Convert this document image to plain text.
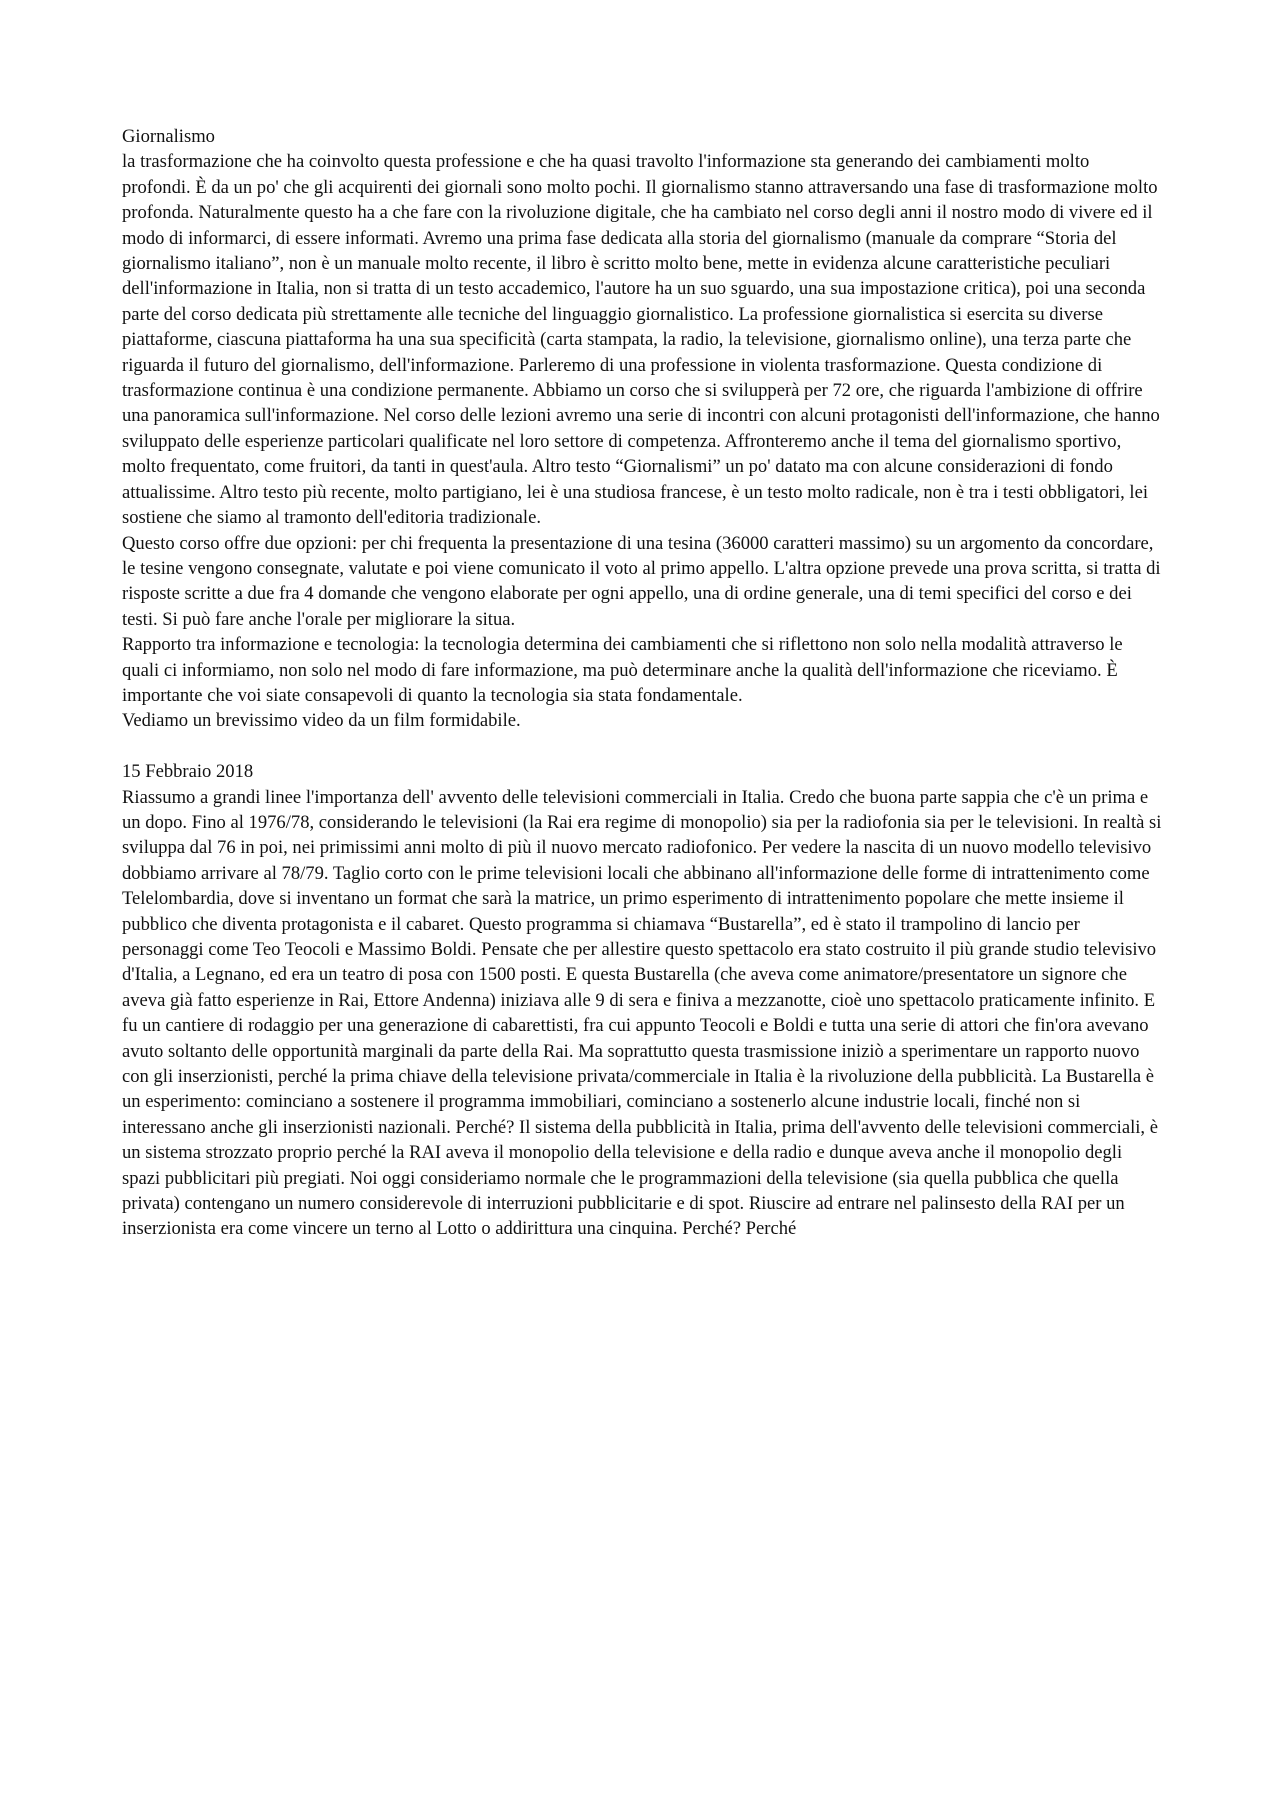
Giornalismo

la trasformazione che ha coinvolto questa professione e che ha quasi travolto l'informazione sta generando dei cambiamenti molto profondi. È da un po' che gli acquirenti dei giornali sono molto pochi. Il giornalismo stanno attraversando una fase di trasformazione molto profonda. Naturalmente questo ha a che fare con la rivoluzione digitale, che ha cambiato nel corso degli anni il nostro modo di vivere ed il modo di informarci, di essere informati. Avremo una prima fase dedicata alla storia del giornalismo (manuale da comprare “Storia del giornalismo italiano”, non è un manuale molto recente, il libro è scritto molto bene, mette in evidenza alcune caratteristiche peculiari dell'informazione in Italia, non si tratta di un testo accademico, l'autore ha un suo sguardo, una sua impostazione critica), poi una seconda parte del corso dedicata più strettamente alle tecniche del linguaggio giornalistico. La professione giornalistica si esercita su diverse piattaforme, ciascuna piattaforma ha una sua specificità (carta stampata, la radio, la televisione, giornalismo online), una terza parte che riguarda il futuro del giornalismo, dell'informazione. Parleremo di una professione in violenta trasformazione. Questa condizione di trasformazione continua è una condizione permanente. Abbiamo un corso che si svilupperà per 72 ore, che riguarda l'ambizione di offrire una panoramica sull'informazione. Nel corso delle lezioni avremo una serie di incontri con alcuni protagonisti dell'informazione, che hanno sviluppato delle esperienze particolari qualificate nel loro settore di competenza. Affronteremo anche il tema del giornalismo sportivo, molto frequentato, come fruitori, da tanti in quest'aula. Altro testo “Giornalismi” un po' datato ma con alcune considerazioni di fondo attualissime. Altro testo più recente, molto partigiano, lei è una studiosa francese, è un testo molto radicale, non è tra i testi obbligatori, lei sostiene che siamo al tramonto dell'editoria tradizionale.

Questo corso offre due opzioni: per chi frequenta la presentazione di una tesina (36000 caratteri massimo) su un argomento da concordare, le tesine vengono consegnate, valutate e poi viene comunicato il voto al primo appello. L'altra opzione prevede una prova scritta, si tratta di risposte scritte a due fra 4 domande che vengono elaborate per ogni appello, una di ordine generale, una di temi specifici del corso e dei testi. Si può fare anche l'orale per migliorare la situa.

Rapporto tra informazione e tecnologia: la tecnologia determina dei cambiamenti che si riflettono non solo nella modalità attraverso le quali ci informiamo, non solo nel modo di fare informazione, ma può determinare anche la qualità dell'informazione che riceviamo. È importante che voi siate consapevoli di quanto la tecnologia sia stata fondamentale.

Vediamo un brevissimo video da un film formidabile.

15 Febbraio 2018

Riassumo a grandi linee l'importanza dell' avvento delle televisioni commerciali in Italia. Credo che buona parte sappia che c'è un prima e un dopo. Fino al 1976/78, considerando le televisioni (la Rai era regime di monopolio) sia per la radiofonia sia per le televisioni. In realtà si sviluppa dal 76 in poi, nei primissimi anni molto di più il nuovo mercato radiofonico. Per vedere la nascita di un nuovo modello televisivo dobbiamo arrivare al 78/79. Taglio corto con le prime televisioni locali che abbinano all'informazione delle forme di intrattenimento come Telelombardia, dove si inventano un format che sarà la matrice, un primo esperimento di intrattenimento popolare che mette insieme il pubblico che diventa protagonista e il cabaret. Questo programma si chiamava “Bustarella”, ed è stato il trampolino di lancio per personaggi come Teo Teocoli e Massimo Boldi. Pensate che per allestire questo spettacolo era stato costruito il più grande studio televisivo d'Italia, a Legnano, ed era un teatro di posa con 1500 posti. E questa Bustarella (che aveva come animatore/presentatore un signore che aveva già fatto esperienze in Rai, Ettore Andenna) iniziava alle 9 di sera e finiva a mezzanotte, cioè uno spettacolo praticamente infinito. E fu un cantiere di rodaggio per una generazione di cabarettisti, fra cui appunto Teocoli e Boldi e tutta una serie di attori che fin'ora avevano avuto soltanto delle opportunità marginali da parte della Rai. Ma soprattutto questa trasmissione iniziò a sperimentare un rapporto nuovo con gli inserzionisti, perché la prima chiave della televisione privata/commerciale in Italia è la rivoluzione della pubblicità. La Bustarella è un esperimento: cominciano a sostenere il programma immobiliari, cominciano a sostenerlo alcune industrie locali, finché non si interessano anche gli inserzionisti nazionali. Perché? Il sistema della pubblicità in Italia, prima dell'avvento delle televisioni commerciali, è un sistema strozzato proprio perché la RAI aveva il monopolio della televisione e della radio e dunque aveva anche il monopolio degli spazi pubblicitari più pregiati. Noi oggi consideriamo normale che le programmazioni della televisione (sia quella pubblica che quella privata) contengano un numero considerevole di interruzioni pubblicitarie e di spot. Riuscire ad entrare nel palinsesto della RAI per un inserzionista era come vincere un terno al Lotto o addirittura una cinquina. Perché? Perché
